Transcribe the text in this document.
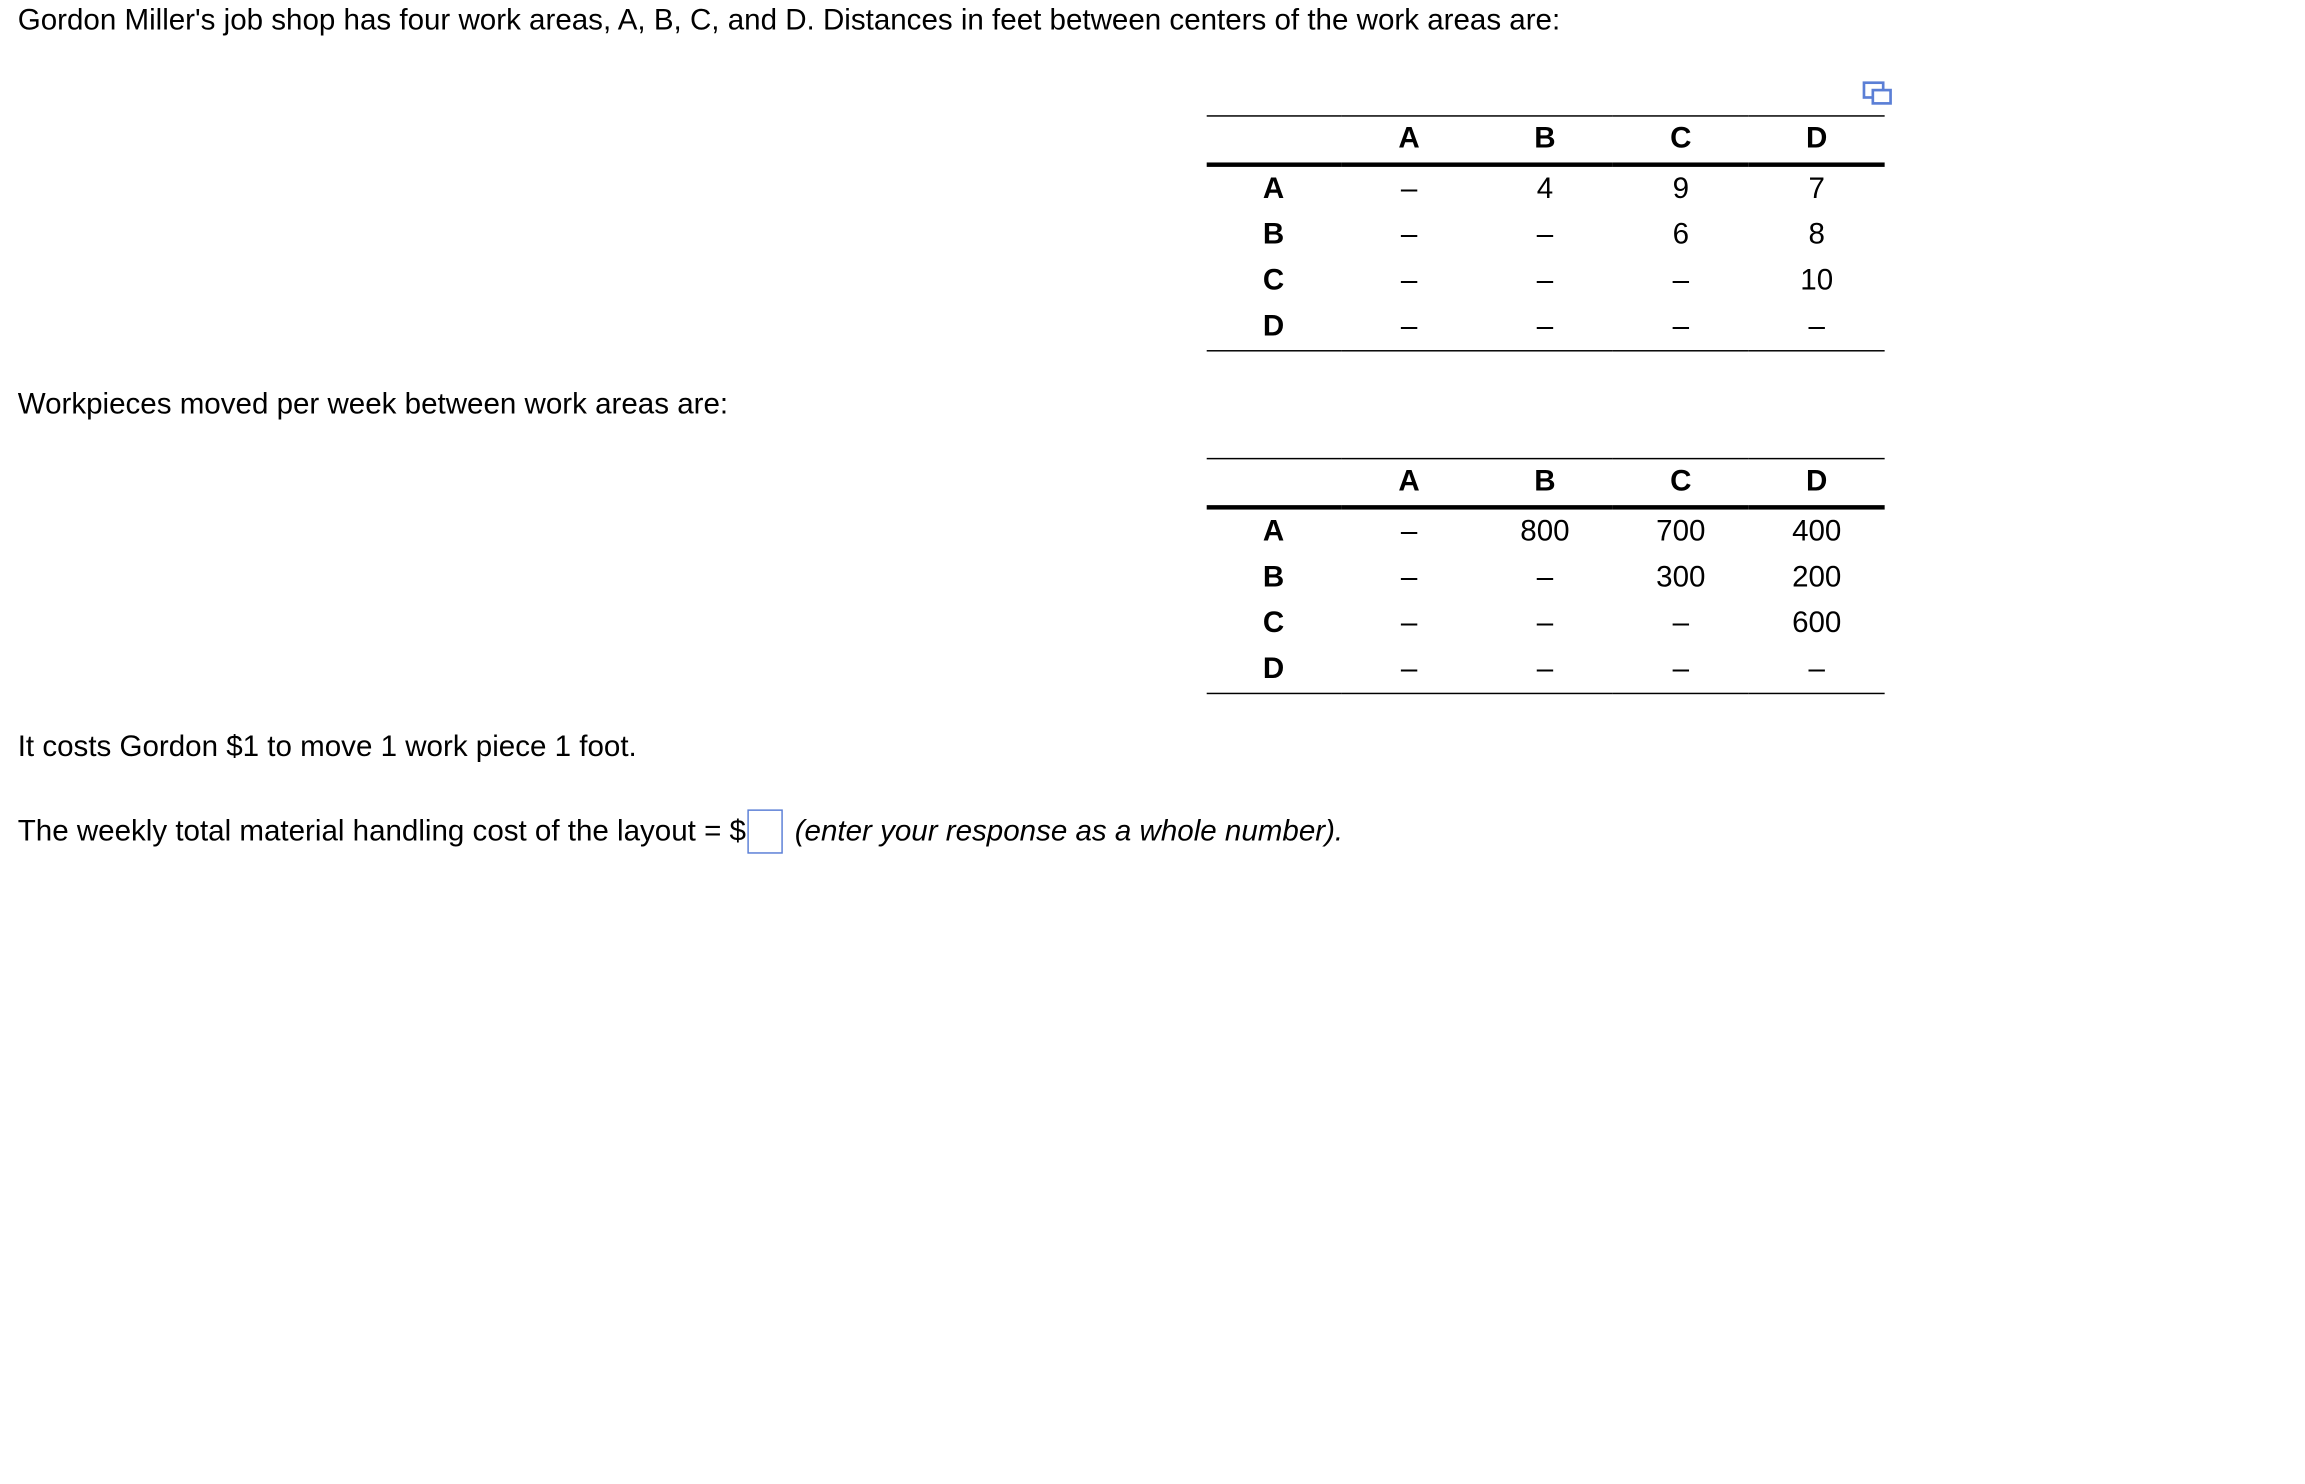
Gordon Miller's job shop has four work areas, A, B, C, and D. Distances in feet between centers of the work areas are:
	A	B	C	D
A	–	4	9	7
B	–	–	6	8
C	–	–	–	10
D	–	–	–	–
Workpieces moved per week between work areas are:
	A	B	C	D
A	–	800	700	400
B	–	–	300	200
C	–	–	–	600
D	–	–	–	–
It costs Gordon $1 to move 1 work piece 1 foot.
The weekly total material handling cost of the layout = $ (enter your response as a whole number).
